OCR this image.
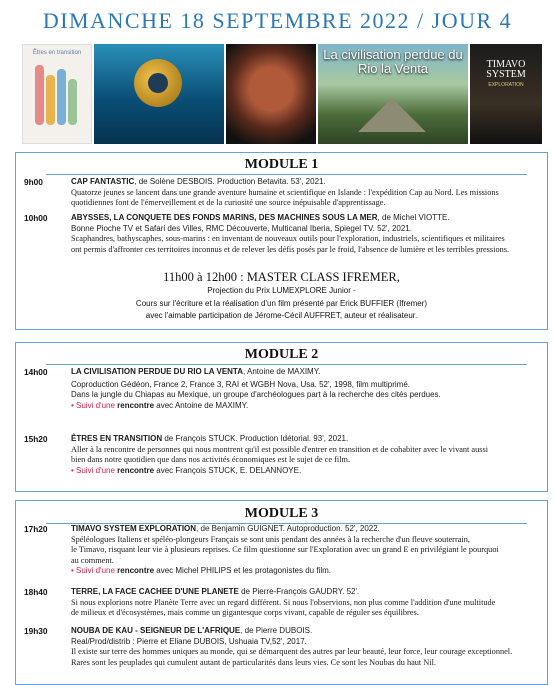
DIMANCHE 18 SEPTEMBRE 2022 / JOUR 4
Êtres en transition	La civilisation perdue du Rio la Venta	TIMAVO SYSTEM
EXPLORATION
MODULE 1
9h00	CAP FANTASTIC, de Solène DESBOIS. Production Betavita. 53', 2021.
Quatorze jeunes se lancent dans une grande aventure humaine et scientifique en Islande : l'expédition Cap au Nord. Les missions
quotidiennes font de l'émerveillement et de la curiosité une source inépuisable d'apprentissage.
10h00	ABYSSES, LA CONQUETE DES FONDS MARINS, DES MACHINES SOUS LA MER, de Michel VIOTTE.
Bonne Pioche TV et Safari des Villes, RMC Découverte, Multicanal Iberia, Spiegel TV. 52', 2021.
Scaphandres, bathyscaphes, sous-marins : en inventant de nouveaux outils pour l'exploration, industriels, scientifiques et militaires
ont permis d'affronter ces territoires inconnus et de relever les défis posés par le froid, l'absence de lumière et les terribles pressions.
11h00 à 12h00 : MASTER CLASS IFREMER,
Projection du Prix LUMEXPLORE Junior -
Cours sur l'écriture et la réalisation d'un film présenté par Erick BUFFIER (Ifremer)
avec l'aimable participation de Jérome-Cécil AUFFRET, auteur et réalisateur.
MODULE 2
14h00	LA CIVILISATION PERDUE DU RIO LA VENTA, Antoine de MAXIMY.
Coproduction Gédéon, France 2, France 3, RAI et WGBH Nova, Usa. 52', 1998, film multiprimé.
Dans la jungle du Chiapas au Mexique, un groupe d'archéologues part à la recherche des cités perdues.
• Suivi d'une rencontre avec Antoine de MAXIMY.
15h20	ÊTRES EN TRANSITION de François STUCK. Production Idétorial. 93', 2021.
Aller à la rencontre de personnes qui nous montrent qu'il est possible d'entrer en transition et de cohabiter avec le vivant aussi
bien dans notre quotidien que dans nos activités économiques est le sujet de ce film.
• Suivi d'une rencontre avec François STUCK, E. DELANNOYE.
MODULE 3
17h20	TIMAVO SYSTEM EXPLORATION, de Benjamin GUIGNET. Autoproduction. 52', 2022.
Spéléologues Italiens et spéléo-plongeurs Français se sont unis pendant des années à la recherche d'un fleuve souterrain,
le Timavo, risquant leur vie à plusieurs reprises. Ce film questionne sur l'Exploration avec un grand E en privilégiant le pourquoi
au comment.
• Suivi d'une rencontre avec Michel PHILIPS et les protagonistes du film.
18h40	TERRE, LA FACE CACHEE D'UNE PLANETE de Pierre-François GAUDRY. 52'.
Si nous explorions notre Planète Terre avec un regard différent. Si nous l'observions, non plus comme l'addition d'une multitude
de milieux et d'écosystèmes, mais comme un gigantesque corps vivant, capable de réguler ses équilibres.
19h30	NOUBA DE KAU - SEIGNEUR DE L'AFRIQUE, de Pierre DUBOIS.
Real/Prod/distrib : Pierre et Eliane DUBOIS, Ushuaia TV,52', 2017.
Il existe sur terre des hommes uniques au monde, qui se démarquent des autres par leur beauté, leur force, leur courage exceptionnel.
Rares sont les peuplades qui cumulent autant de particularités dans leurs vies. Ce sont les Noubas du haut Nil.
